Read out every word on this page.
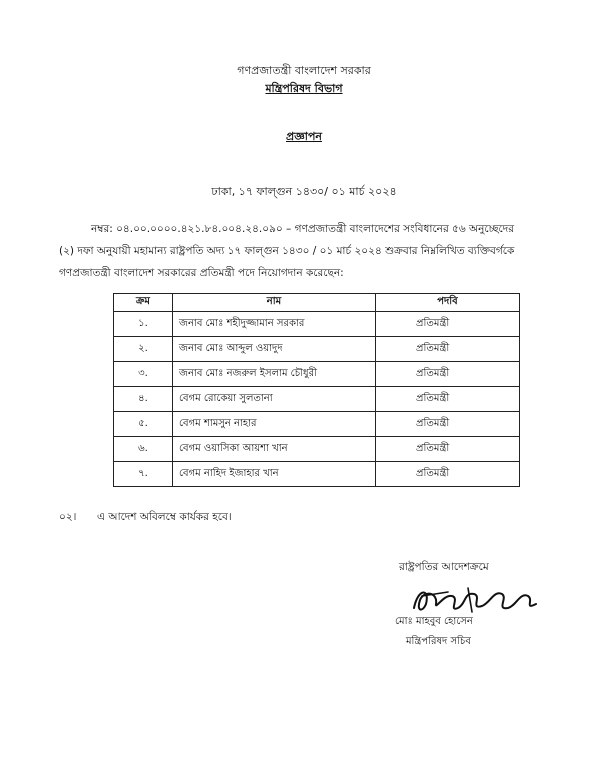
গণপ্রজাতন্ত্রী বাংলাদেশ সরকার
মন্ত্রিপরিষদ বিভাগ
প্রজ্ঞাপন
ঢাকা, ১৭ ফাল্গুন ১৪৩০/ ০১ মার্চ ২০২৪
নম্বর: ০৪.০০.০০০০.৪২১.৮৪.০০৪.২৪.০৯০ – গণপ্রজাতন্ত্রী বাংলাদেশের সংবিধানের ৫৬ অনুচ্ছেদের
(২) দফা অনুযায়ী মহামান্য রাষ্ট্রপতি অদ্য ১৭ ফাল্গুন ১৪৩০ / ০১ মার্চ ২০২৪ শুক্রবার নিম্নলিখিত ব্যক্তিবর্গকে
গণপ্রজাতন্ত্রী বাংলাদেশ সরকারের প্রতিমন্ত্রী পদে নিয়োগদান করেছেন:
ক্রম	নাম	পদবি
১.	জনাব মোঃ শহীদুজ্জামান সরকার	প্রতিমন্ত্রী
২.	জনাব মোঃ আব্দুল ওয়াদুদ	প্রতিমন্ত্রী
৩.	জনাব মোঃ নজরুল ইসলাম চৌধুরী	প্রতিমন্ত্রী
৪.	বেগম রোকেয়া সুলতানা	প্রতিমন্ত্রী
৫.	বেগম শামসুন নাহার	প্রতিমন্ত্রী
৬.	বেগম ওয়াসিকা আয়শা খান	প্রতিমন্ত্রী
৭.	বেগম নাহিদ ইজাহার খান	প্রতিমন্ত্রী
০২। এ আদেশ অবিলম্বে কার্যকর হবে।
রাষ্ট্রপতির আদেশক্রমে
মোঃ মাহবুব হোসেন
মন্ত্রিপরিষদ সচিব
